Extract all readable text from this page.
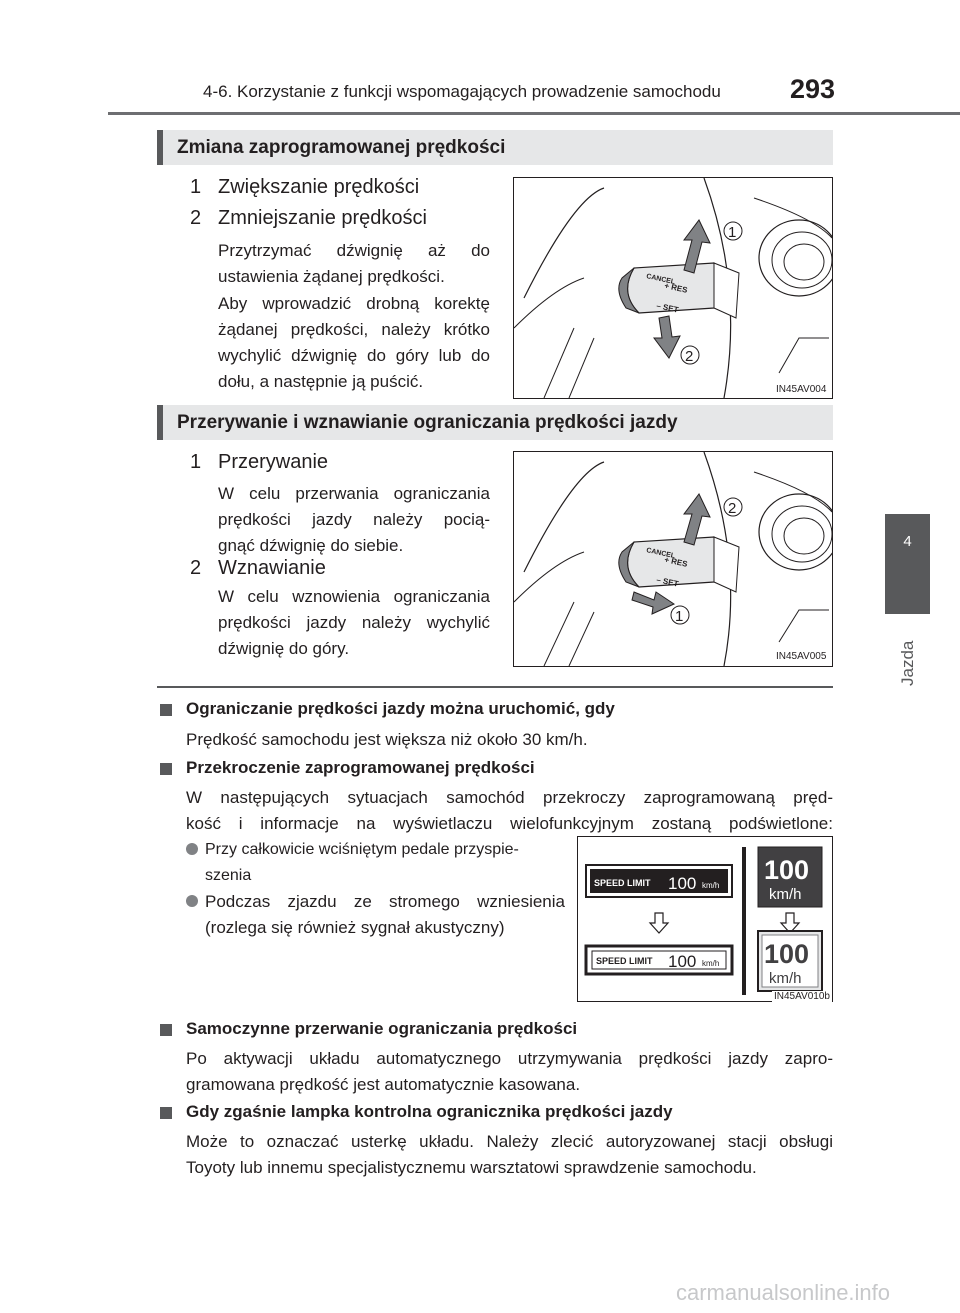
4-6. Korzystanie z funkcji wspomagających prowadzenie samochodu	293
4
Jazda
Zmiana zaprogramowanej prędkości
1 Zwiększanie prędkości
2 Zmniejszanie prędkości
Przytrzymać dźwignię aż do
ustawienia żądanej prędkości.
Aby wprowadzić drobną korektę
żądanej prędkości, należy krótko
wychylić dźwignię do góry lub do
dołu, a następnie ją puścić.
CANCEL
+ RES
– SET
1
2
IN45AV004
Przerywanie i wznawianie ograniczania prędkości jazdy
1 Przerywanie
W celu przerwania ograniczania
prędkości jazdy należy pocią-
gnąć dźwignię do siebie.
2 Wznawianie
W celu wznowienia ograniczania
prędkości jazdy należy wychylić
dźwignię do góry.
CANCEL
+ RES
– SET
2
1
IN45AV005
Ograniczanie prędkości jazdy można uruchomić, gdy
Prędkość samochodu jest większa niż około 30 km/h.
Przekroczenie zaprogramowanej prędkości
W następujących sytuacjach samochód przekroczy zaprogramowaną pręd-
kość i informacje na wyświetlaczu wielofunkcyjnym zostaną podświetlone:
Przy całkowicie wciśniętym pedale przyspie-
szenia
Podczas zjazdu ze stromego wzniesienia
(rozlega się również sygnał akustyczny)
SPEED LIMIT 100 km/h
SPEED LIMIT 100 km/h
100
km/h
100
km/h
IN45AV010b
Samoczynne przerwanie ograniczania prędkości
Po aktywacji układu automatycznego utrzymywania prędkości jazdy zapro-
gramowana prędkość jest automatycznie kasowana.
Gdy zgaśnie lampka kontrolna ogranicznika prędkości jazdy
Może to oznaczać usterkę układu. Należy zlecić autoryzowanej stacji obsługi
Toyoty lub innemu specjalistycznemu warsztatowi sprawdzenie samochodu.
carmanualsonline.info
